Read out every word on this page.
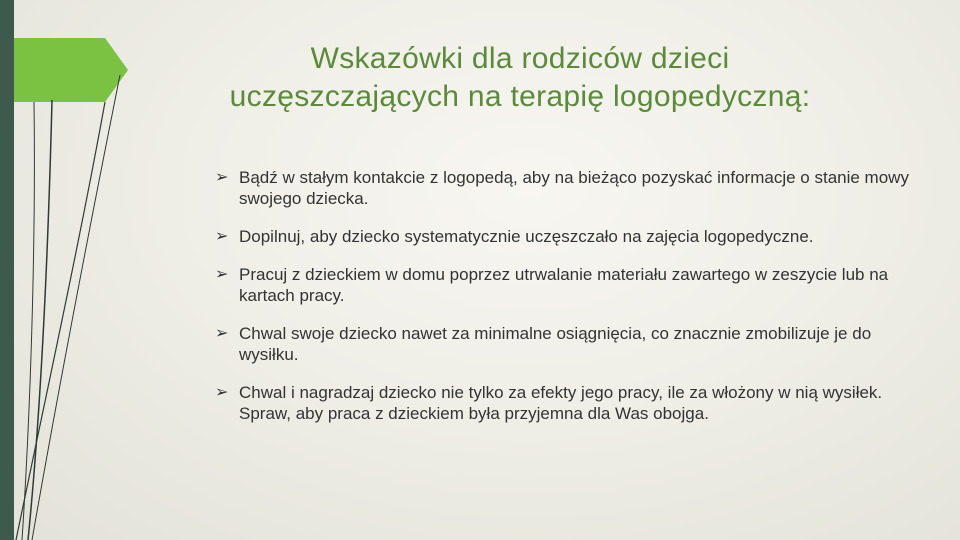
Wskazówki dla rodziców dzieci
uczęszczających na terapię logopedyczną:
➢ Bądź w stałym kontakcie z logopedą, aby na bieżąco pozyskać informacje o stanie mowy swojego dziecka.
➢ Dopilnuj, aby dziecko systematycznie uczęszczało na zajęcia logopedyczne.
➢ Pracuj z dzieckiem w domu poprzez utrwalanie materiału zawartego w zeszycie lub na kartach pracy.
➢ Chwal swoje dziecko nawet za minimalne osiągnięcia, co znacznie zmobilizuje je do wysiłku.
➢ Chwal i nagradzaj dziecko nie tylko za efekty jego pracy, ile za włożony w nią wysiłek. Spraw, aby praca z dzieckiem była przyjemna dla Was obojga.
